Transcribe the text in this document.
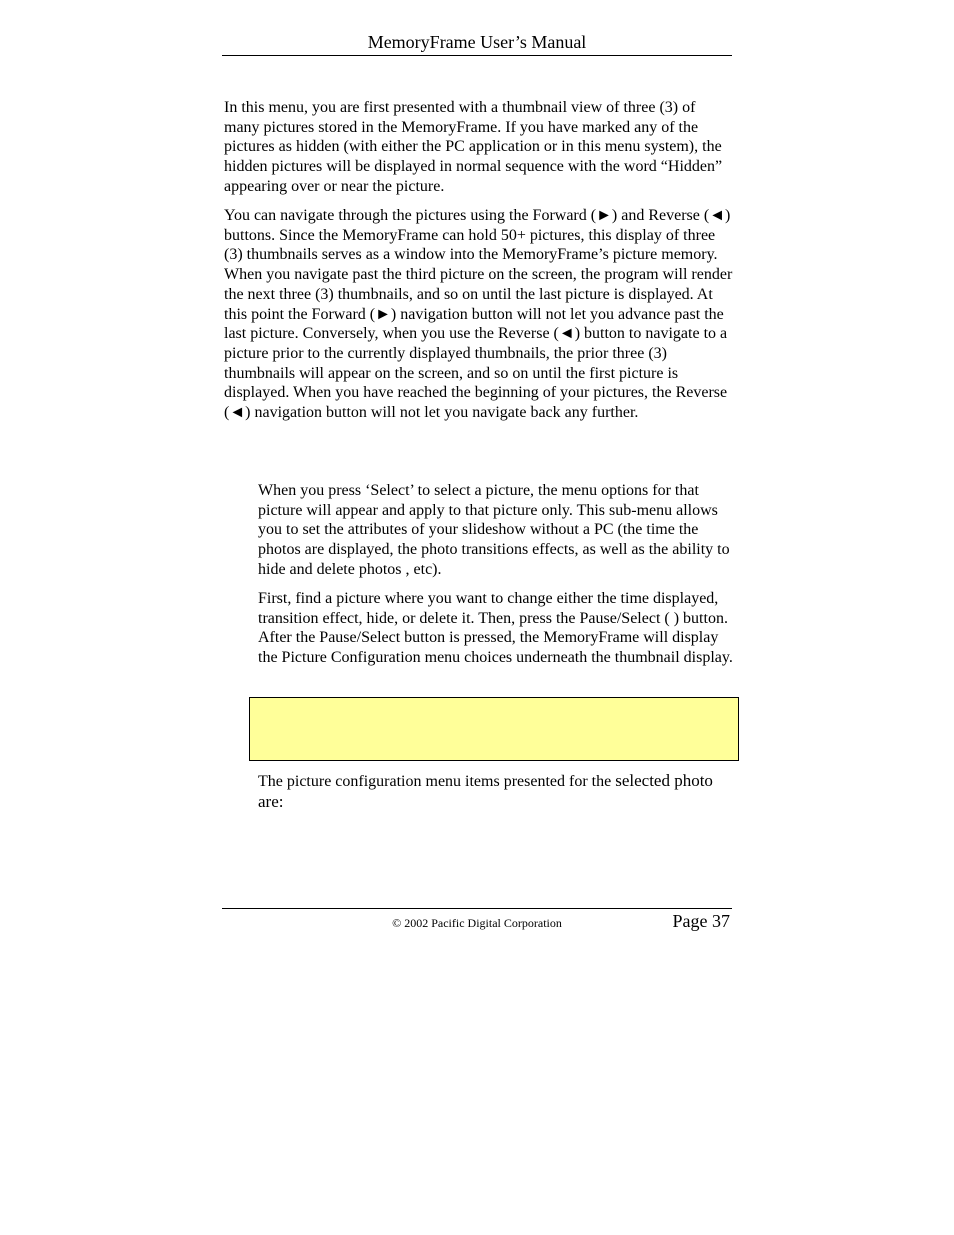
MemoryFrame User’s Manual

In this menu, you are first presented with a thumbnail view of three (3) of many pictures stored in the MemoryFrame. If you have marked any of the pictures as hidden (with either the PC application or in this menu system), the hidden pictures will be displayed in normal sequence with the word “Hidden” appearing over or near the picture.

You can navigate through the pictures using the Forward (►) and Reverse (◄) buttons. Since the MemoryFrame can hold 50+ pictures, this display of three (3) thumbnails serves as a window into the MemoryFrame’s picture memory. When you navigate past the third picture on the screen, the program will render the next three (3) thumbnails, and so on until the last picture is displayed. At this point the Forward (►) navigation button will not let you advance past the last picture. Conversely, when you use the Reverse (◄) button to navigate to a picture prior to the currently displayed thumbnails, the prior three (3) thumbnails will appear on the screen, and so on until the first picture is displayed. When you have reached the beginning of your pictures, the Reverse (◄) navigation button will not let you navigate back any further.

When you press ‘Select’ to select a picture, the menu options for that picture will appear and apply to that picture only. This sub-menu allows you to set the attributes of your slideshow without a PC (the time the photos are displayed, the photo transitions effects, as well as the ability to hide and delete photos , etc).

First, find a picture where you want to change either the time displayed, transition effect, hide, or delete it. Then, press the Pause/Select ( ) button. After the Pause/Select button is pressed, the MemoryFrame will display the Picture Configuration menu choices underneath the thumbnail display.

The picture configuration menu items presented for the selected photo are:

© 2002 Pacific Digital Corporation	Page 37
